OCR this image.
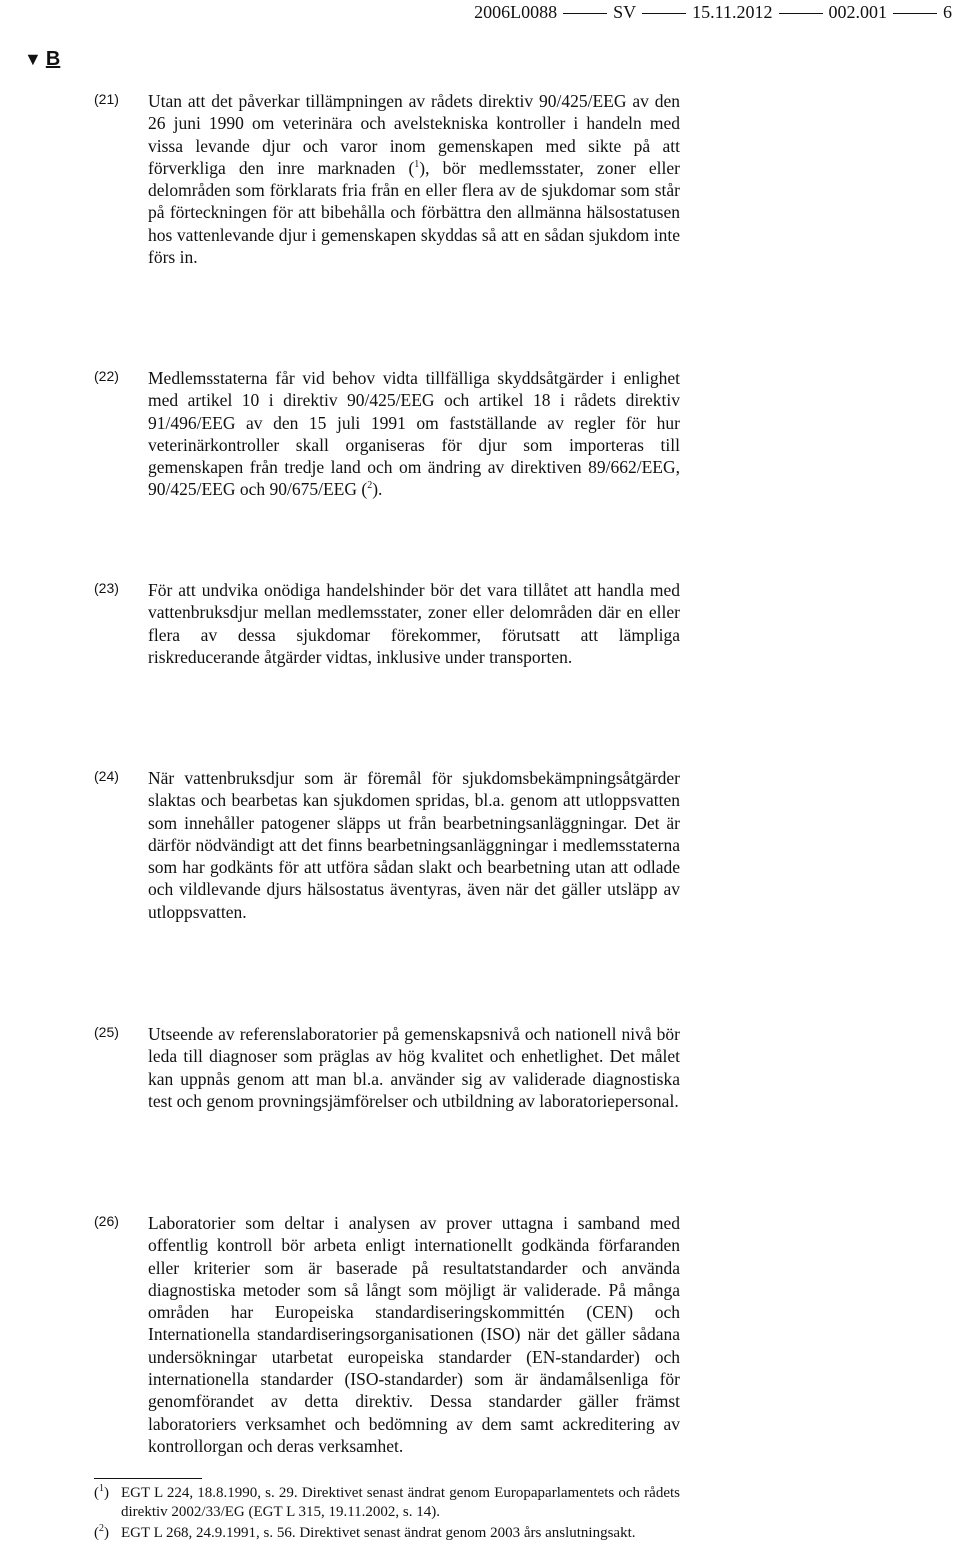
2006L0088	SV	15.11.2012	002.001	6
▼ B
(21) Utan att det påverkar tillämpningen av rådets direktiv 90/425/EEG av den 26 juni 1990 om veterinära och avelstekniska kontroller i handeln med vissa levande djur och varor inom gemenskapen med sikte på att förverkliga den inre marknaden ($^1$), bör medlemsstater, zoner eller delområden som förklarats fria från en eller flera av de sjukdomar som står på förteckningen för att bibehålla och förbättra den allmänna hälsostatusen hos vattenlevande djur i gemenskapen skyddas så att en sådan sjukdom inte förs in.
(22) Medlemsstaterna får vid behov vidta tillfälliga skyddsåtgärder i enlighet med artikel 10 i direktiv 90/425/EEG och artikel 18 i rådets direktiv 91/496/EEG av den 15 juli 1991 om fastställande av regler för hur veterinärkontroller skall organiseras för djur som importeras till gemenskapen från tredje land och om ändring av direktiven 89/662/EEG, 90/425/EEG och 90/675/EEG ($^2$).
(23) För att undvika onödiga handelshinder bör det vara tillåtet att handla med vattenbruksdjur mellan medlemsstater, zoner eller delområden där en eller flera av dessa sjukdomar förekommer, förutsatt att lämpliga riskreducerande åtgärder vidtas, inklusive under transporten.
(24) När vattenbruksdjur som är föremål för sjukdomsbekämpningsåtgärder slaktas och bearbetas kan sjukdomen spridas, bl.a. genom att utloppsvatten som innehåller patogener släpps ut från bearbetningsanläggningar. Det är därför nödvändigt att det finns bearbetningsanläggningar i medlemsstaterna som har godkänts för att utföra sådan slakt och bearbetning utan att odlade och vildlevande djurs hälsostatus äventyras, även när det gäller utsläpp av utloppsvatten.
(25) Utseende av referenslaboratorier på gemenskapsnivå och nationell nivå bör leda till diagnoser som präglas av hög kvalitet och enhetlighet. Det målet kan uppnås genom att man bl.a. använder sig av validerade diagnostiska test och genom provningsjämförelser och utbildning av laboratoriepersonal.
(26) Laboratorier som deltar i analysen av prover uttagna i samband med offentlig kontroll bör arbeta enligt internationellt godkända förfaranden eller kriterier som är baserade på resultatstandarder och använda diagnostiska metoder som så långt som möjligt är validerade. På många områden har Europeiska standardiseringskommittén (CEN) och Internationella standardiseringsorganisationen (ISO) när det gäller sådana undersökningar utarbetat europeiska standarder (EN-standarder) och internationella standarder (ISO-standarder) som är ändamålsenliga för genomförandet av detta direktiv. Dessa standarder gäller främst laboratoriers verksamhet och bedömning av dem samt ackreditering av kontrollorgan och deras verksamhet.
($^1$) EGT L 224, 18.8.1990, s. 29. Direktivet senast ändrat genom Europaparlamentets och rådets direktiv 2002/33/EG (EGT L 315, 19.11.2002, s. 14).
($^2$) EGT L 268, 24.9.1991, s. 56. Direktivet senast ändrat genom 2003 års anslutningsakt.
